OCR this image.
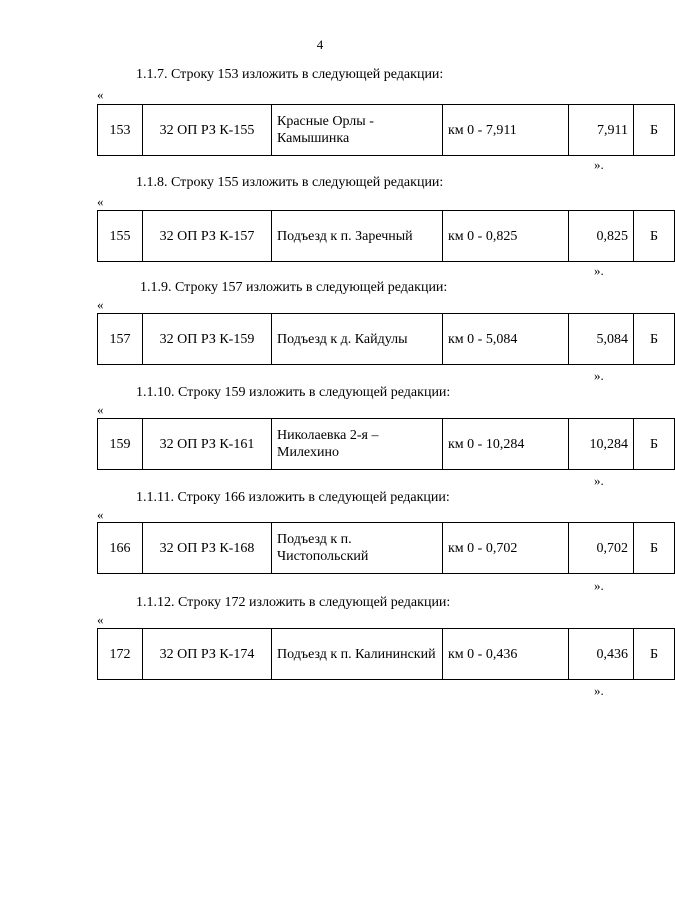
4
1.1.7. Строку 153 изложить в следующей редакции:
«
153	32 ОП РЗ К-155	Красные Орлы - Камышинка	км 0 - 7,911	7,911	Б
».
1.1.8. Строку 155 изложить в следующей редакции:
«
155	32 ОП РЗ К-157	Подъезд к п. Заречный	км 0 - 0,825	0,825	Б
».
1.1.9. Строку 157 изложить в следующей редакции:
«
157	32 ОП РЗ К-159	Подъезд к д. Кайдулы	км 0 - 5,084	5,084	Б
».
1.1.10. Строку 159 изложить в следующей редакции:
«
159	32 ОП РЗ К-161	Николаевка 2-я – Милехино	км 0 - 10,284	10,284	Б
».
1.1.11. Строку 166 изложить в следующей редакции:
«
166	32 ОП РЗ К-168	Подъезд к п. Чистопольский	км 0 - 0,702	0,702	Б
».
1.1.12. Строку 172 изложить в следующей редакции:
«
172	32 ОП РЗ К-174	Подъезд к п. Калининский	км 0 - 0,436	0,436	Б
».
